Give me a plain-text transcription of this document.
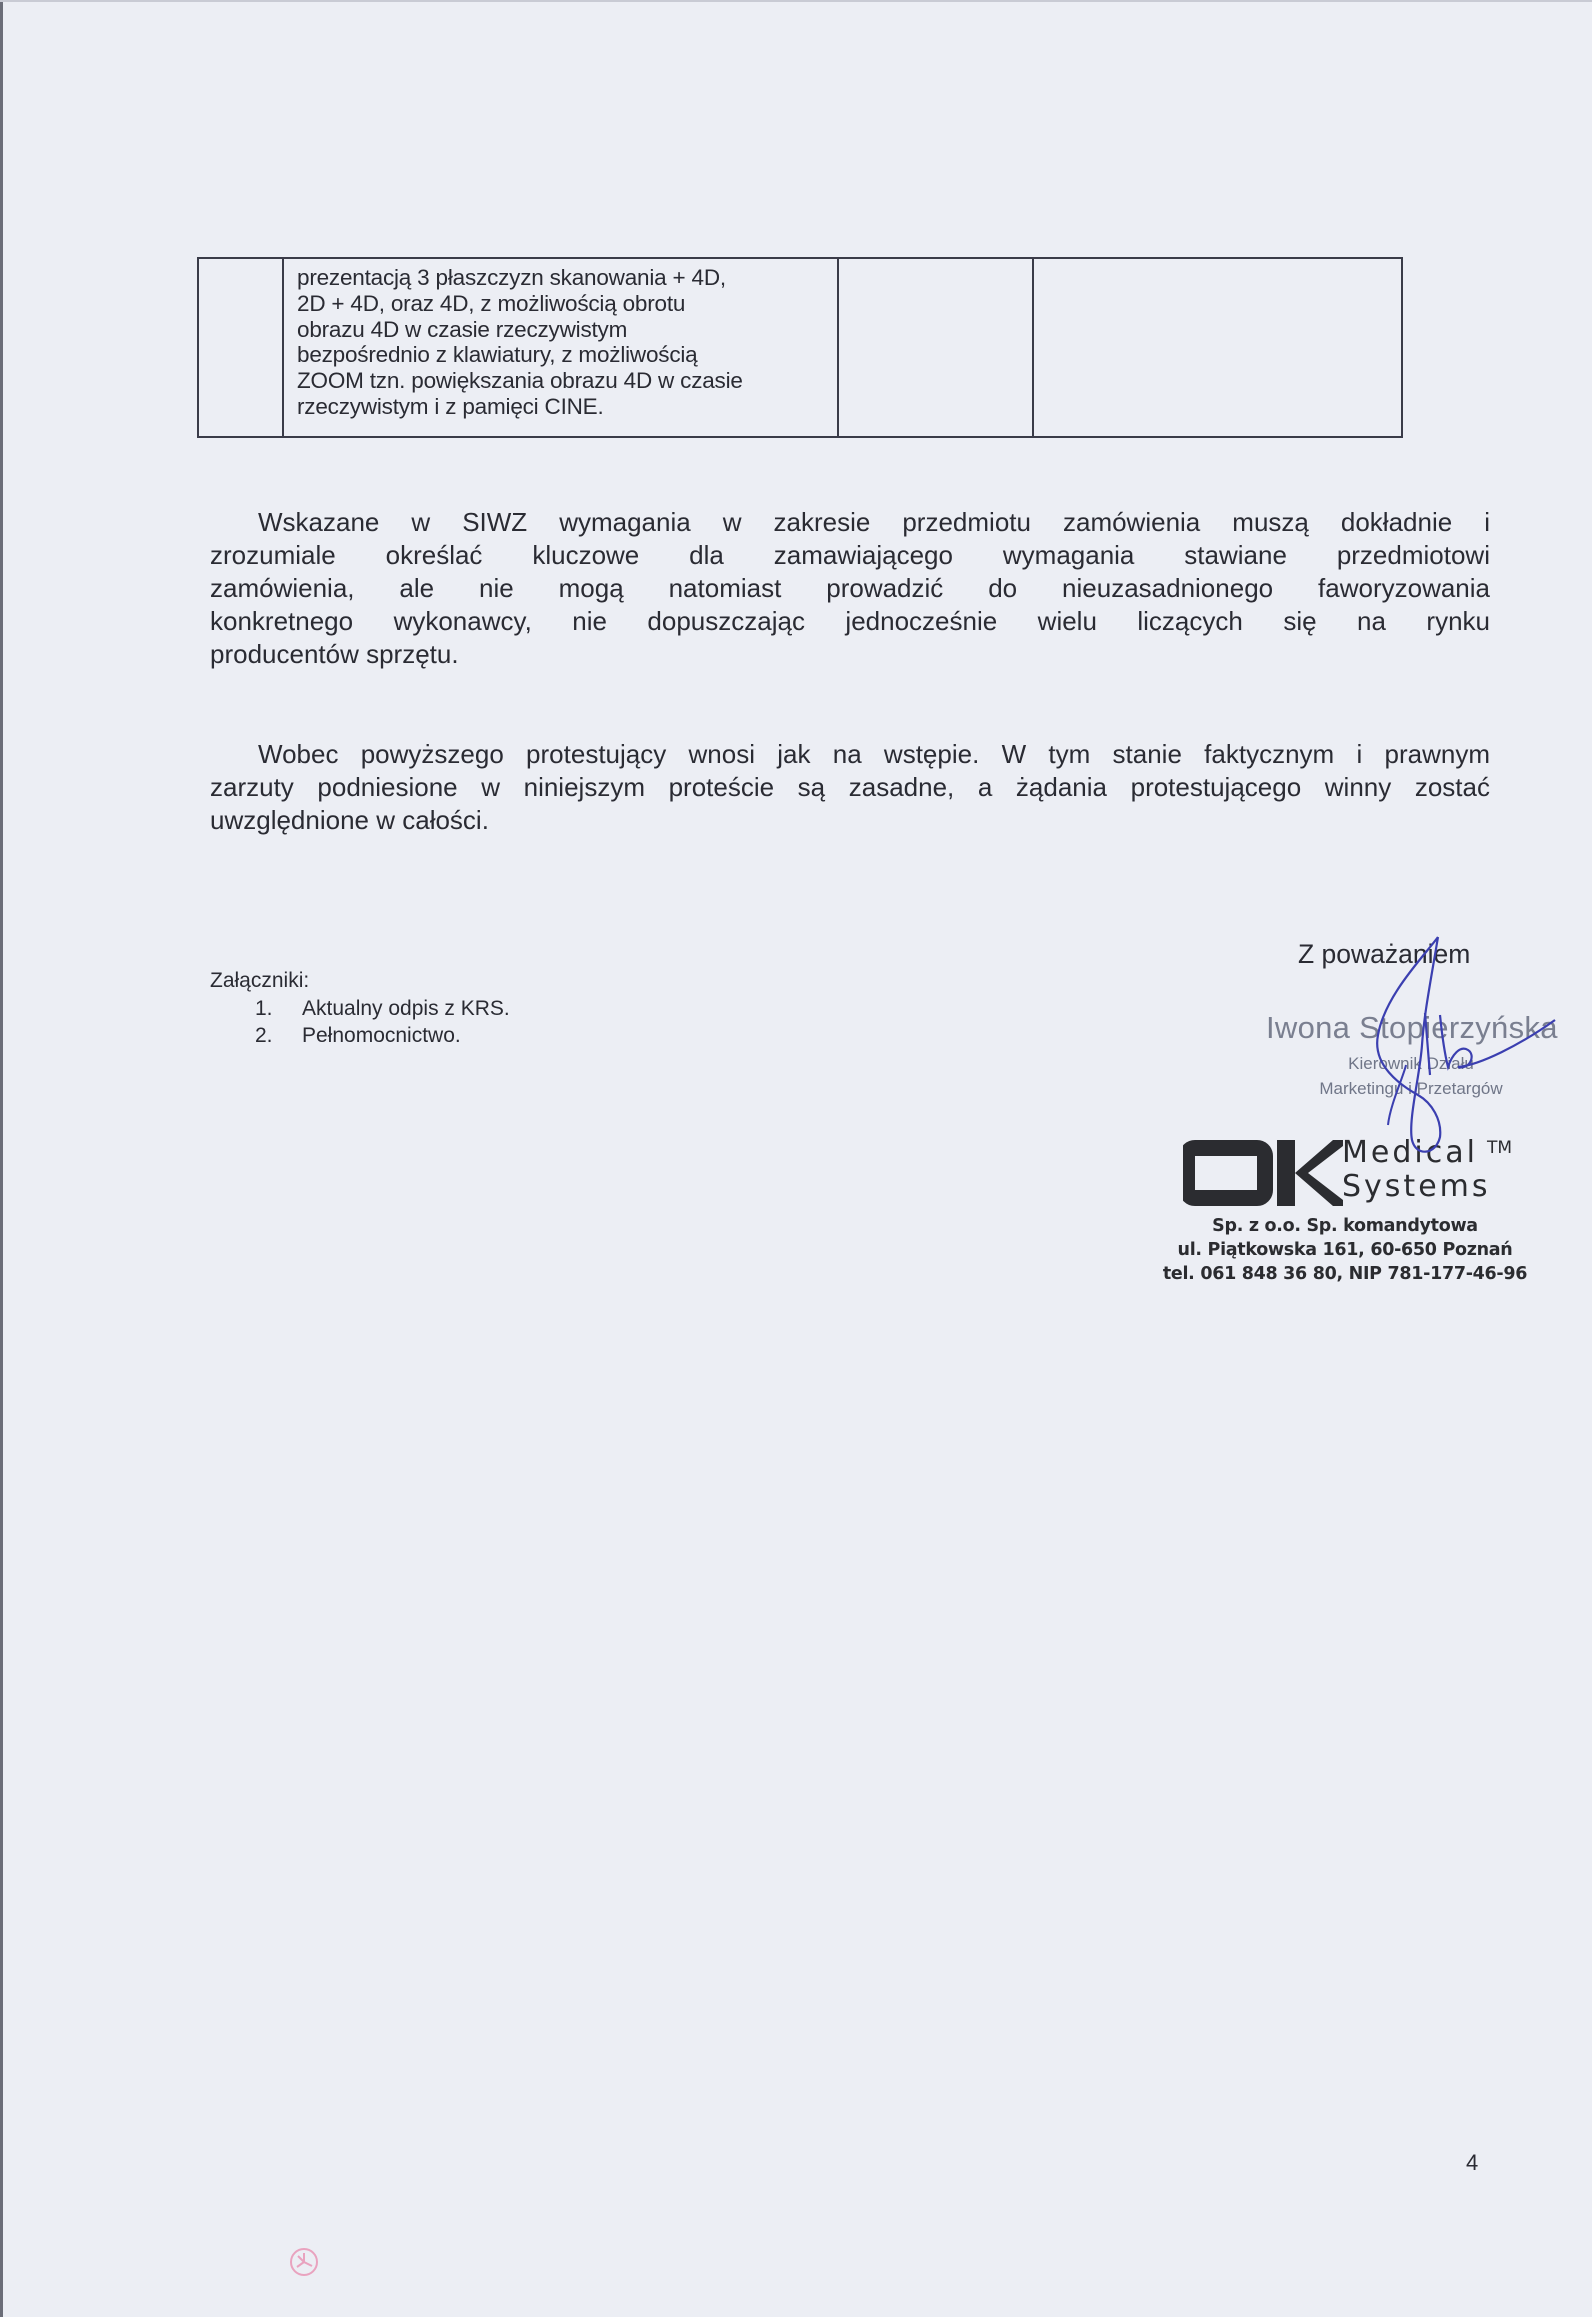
prezentacją 3 płaszczyzn skanowania + 4D,
2D + 4D, oraz 4D, z możliwością obrotu
obrazu 4D w czasie rzeczywistym
bezpośrednio z klawiatury, z możliwością
ZOOM tzn. powiększania obrazu 4D w czasie
rzeczywistym i z pamięci CINE.

Wskazane w SIWZ wymagania w zakresie przedmiotu zamówienia muszą dokładnie i
zrozumiale określać kluczowe dla zamawiającego wymagania stawiane przedmiotowi
zamówienia, ale nie mogą natomiast prowadzić do nieuzasadnionego faworyzowania
konkretnego wykonawcy, nie dopuszczając jednocześnie wielu liczących się na rynku
producentów sprzętu.
Wobec powyższego protestujący wnosi jak na wstępie. W tym stanie faktycznym i prawnym
zarzuty podniesione w niniejszym proteście są zasadne, a żądania protestującego winny zostać
uwzględnione w całości.
Załączniki:
1. Aktualny odpis z KRS.
2. Pełnomocnictwo.
Z poważaniem
Iwona Stopierzyńska
Kierownik Działu
Marketingu i Przetargów
Medical TM
Systems
Sp. z o.o. Sp. komandytowa
ul. Piątkowska 161, 60-650 Poznań
tel. 061 848 36 80, NIP 781-177-46-96
4
